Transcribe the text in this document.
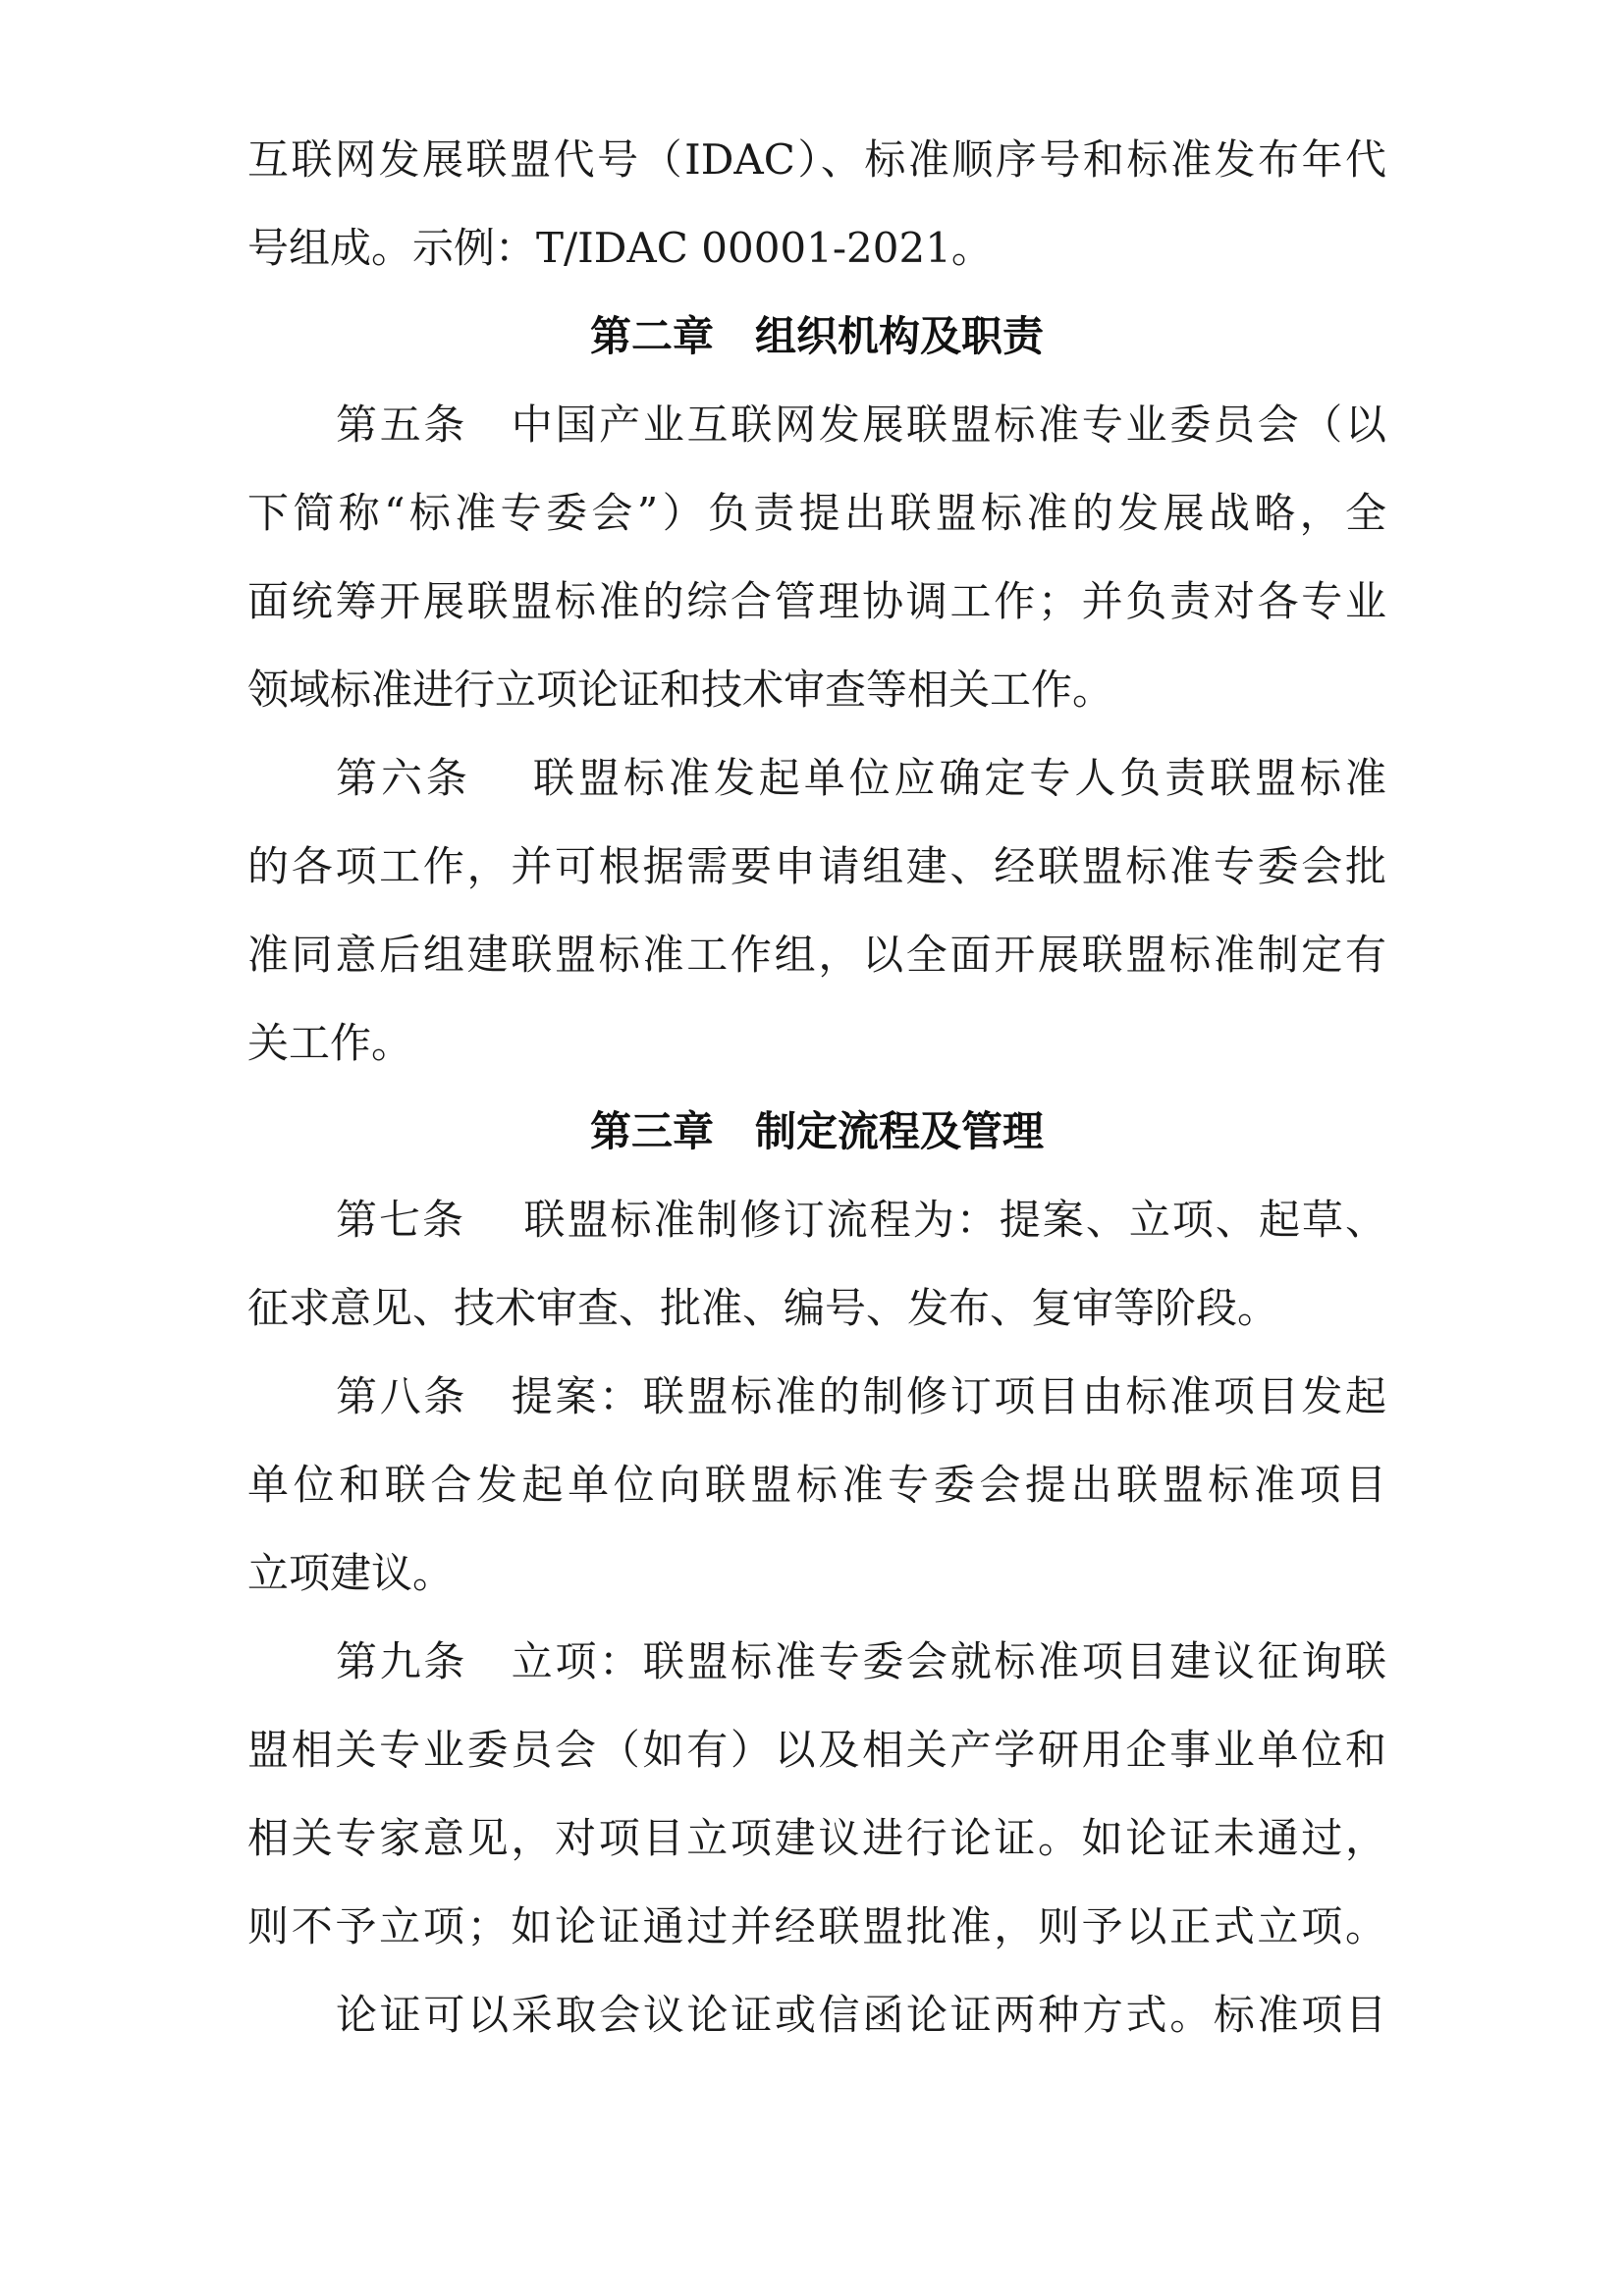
互联网发展联盟代号（IDAC）、标准顺序号和标准发布年代
号组成。示例：T/IDAC 00001-2021。
第二章　组织机构及职责
第五条　中国产业互联网发展联盟标准专业委员会（以
下简称“标准专委会”）负责提出联盟标准的发展战略，全
面统筹开展联盟标准的综合管理协调工作；并负责对各专业
领域标准进行立项论证和技术审查等相关工作。
第六条　 联盟标准发起单位应确定专人负责联盟标准
的各项工作，并可根据需要申请组建、经联盟标准专委会批
准同意后组建联盟标准工作组，以全面开展联盟标准制定有
关工作。
第三章　制定流程及管理
第七条　 联盟标准制修订流程为：提案、立项、起草、
征求意见、技术审查、批准、编号、发布、复审等阶段。
第八条　提案：联盟标准的制修订项目由标准项目发起
单位和联合发起单位向联盟标准专委会提出联盟标准项目
立项建议。
第九条　立项：联盟标准专委会就标准项目建议征询联
盟相关专业委员会（如有）以及相关产学研用企事业单位和
相关专家意见，对项目立项建议进行论证。如论证未通过，
则不予立项；如论证通过并经联盟批准，则予以正式立项。
论证可以采取会议论证或信函论证两种方式。标准项目
